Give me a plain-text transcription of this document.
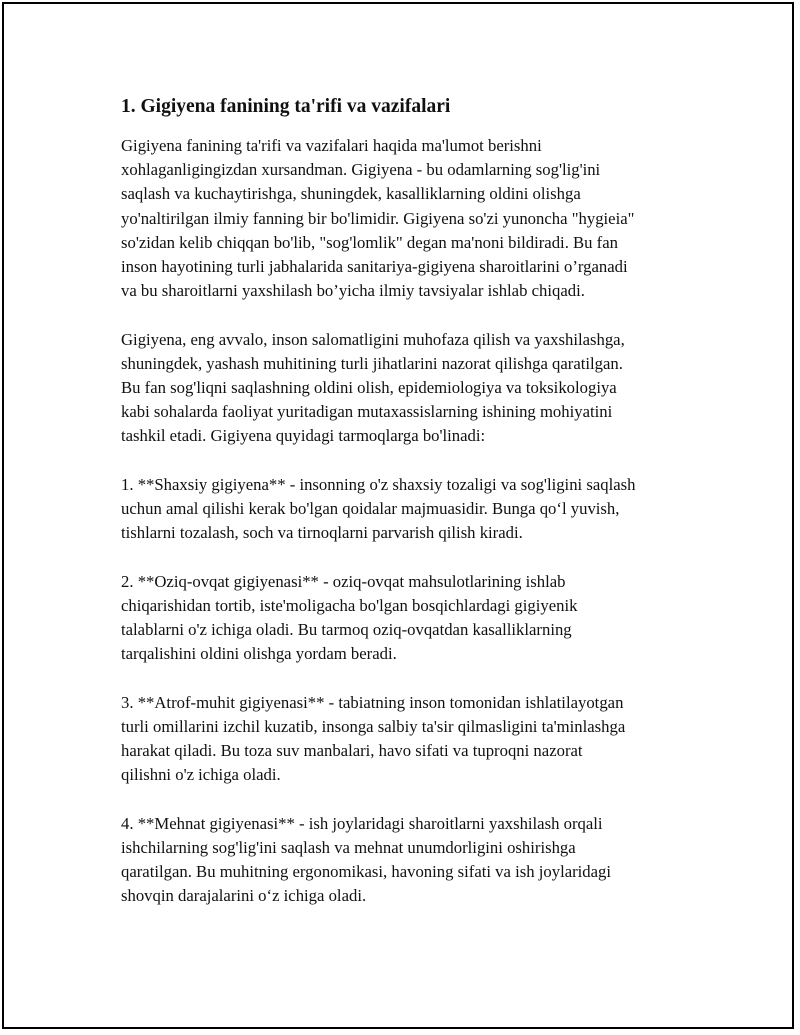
1. Gigiyena fanining ta'rifi va vazifalari

Gigiyena fanining ta'rifi va vazifalari haqida ma'lumot berishni
xohlaganligingizdan xursandman. Gigiyena - bu odamlarning sog'lig'ini
saqlash va kuchaytirishga, shuningdek, kasalliklarning oldini olishga
yo'naltirilgan ilmiy fanning bir bo'limidir. Gigiyena so'zi yunoncha "hygieia"
so'zidan kelib chiqqan bo'lib, "sog'lomlik" degan ma'noni bildiradi. Bu fan
inson hayotining turli jabhalarida sanitariya-gigiyena sharoitlarini o’rganadi
va bu sharoitlarni yaxshilash bo’yicha ilmiy tavsiyalar ishlab chiqadi.

Gigiyena, eng avvalo, inson salomatligini muhofaza qilish va yaxshilashga,
shuningdek, yashash muhitining turli jihatlarini nazorat qilishga qaratilgan.
Bu fan sog'liqni saqlashning oldini olish, epidemiologiya va toksikologiya
kabi sohalarda faoliyat yuritadigan mutaxassislarning ishining mohiyatini
tashkil etadi. Gigiyena quyidagi tarmoqlarga bo'linadi:

1. **Shaxsiy gigiyena** - insonning o'z shaxsiy tozaligi va sog'ligini saqlash
uchun amal qilishi kerak bo'lgan qoidalar majmuasidir. Bunga qo‘l yuvish,
tishlarni tozalash, soch va tirnoqlarni parvarish qilish kiradi.

2. **Oziq-ovqat gigiyenasi** - oziq-ovqat mahsulotlarining ishlab
chiqarishidan tortib, iste'moligacha bo'lgan bosqichlardagi gigiyenik
talablarni o'z ichiga oladi. Bu tarmoq oziq-ovqatdan kasalliklarning
tarqalishini oldini olishga yordam beradi.

3. **Atrof-muhit gigiyenasi** - tabiatning inson tomonidan ishlatilayotgan
turli omillarini izchil kuzatib, insonga salbiy ta'sir qilmasligini ta'minlashga
harakat qiladi. Bu toza suv manbalari, havo sifati va tuproqni nazorat
qilishni o'z ichiga oladi.

4. **Mehnat gigiyenasi** - ish joylaridagi sharoitlarni yaxshilash orqali
ishchilarning sog'lig'ini saqlash va mehnat unumdorligini oshirishga
qaratilgan. Bu muhitning ergonomikasi, havoning sifati va ish joylaridagi
shovqin darajalarini o‘z ichiga oladi.
